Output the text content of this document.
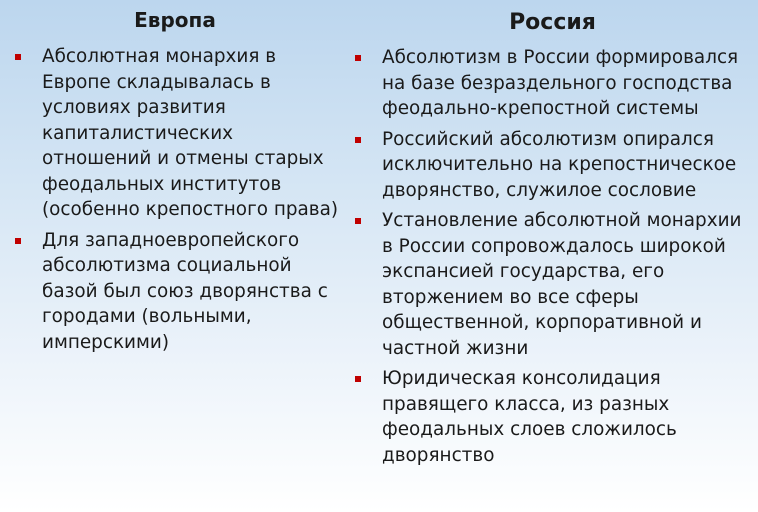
Европа
Абсолютная монархия в Европе складывалась в условиях развития капиталистических отношений и отмены старых феодальных институтов (особенно крепостного права)
Для западноевропейского абсолютизма социальной базой был союз дворянства с городами (вольными, имперскими)
Россия
Абсолютизм в России формировался на базе безраздельного господства феодально-крепостной системы
Российский абсолютизм опирался исключительно на крепостническое дворянство, служилое сословие
Установление абсолютной монархии в России сопровождалось широкой экспансией государства, его вторжением во все сферы общественной, корпоративной и частной жизни
Юридическая консолидация правящего класса, из разных феодальных слоев сложилось дворянство
